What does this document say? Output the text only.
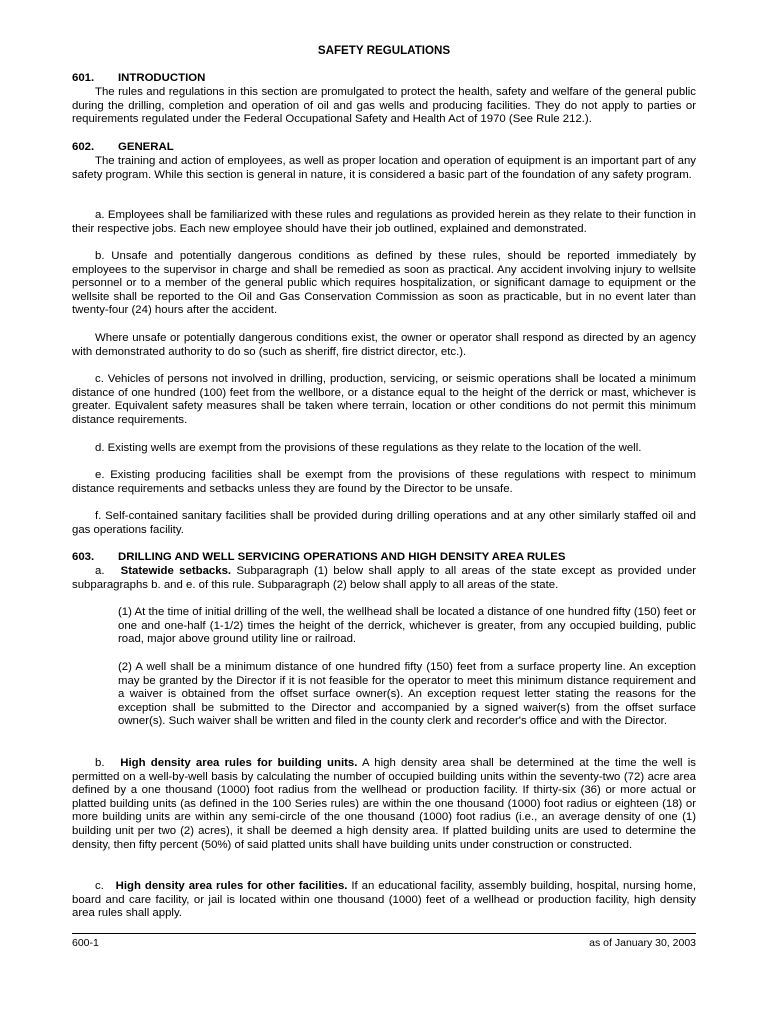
SAFETY REGULATIONS
601. INTRODUCTION
The rules and regulations in this section are promulgated to protect the health, safety and welfare of the general public during the drilling, completion and operation of oil and gas wells and producing facilities. They do not apply to parties or requirements regulated under the Federal Occupational Safety and Health Act of 1970 (See Rule 212.).
602. GENERAL
The training and action of employees, as well as proper location and operation of equipment is an important part of any safety program. While this section is general in nature, it is considered a basic part of the foundation of any safety program.
a. Employees shall be familiarized with these rules and regulations as provided herein as they relate to their function in their respective jobs. Each new employee should have their job outlined, explained and demonstrated.
b. Unsafe and potentially dangerous conditions as defined by these rules, should be reported immediately by employees to the supervisor in charge and shall be remedied as soon as practical. Any accident involving injury to wellsite personnel or to a member of the general public which requires hospitalization, or significant damage to equipment or the wellsite shall be reported to the Oil and Gas Conservation Commission as soon as practicable, but in no event later than twenty-four (24) hours after the accident.
Where unsafe or potentially dangerous conditions exist, the owner or operator shall respond as directed by an agency with demonstrated authority to do so (such as sheriff, fire district director, etc.).
c. Vehicles of persons not involved in drilling, production, servicing, or seismic operations shall be located a minimum distance of one hundred (100) feet from the wellbore, or a distance equal to the height of the derrick or mast, whichever is greater. Equivalent safety measures shall be taken where terrain, location or other conditions do not permit this minimum distance requirements.
d. Existing wells are exempt from the provisions of these regulations as they relate to the location of the well.
e. Existing producing facilities shall be exempt from the provisions of these regulations with respect to minimum distance requirements and setbacks unless they are found by the Director to be unsafe.
f. Self-contained sanitary facilities shall be provided during drilling operations and at any other similarly staffed oil and gas operations facility.
603. DRILLING AND WELL SERVICING OPERATIONS AND HIGH DENSITY AREA RULES
a. Statewide setbacks. Subparagraph (1) below shall apply to all areas of the state except as provided under subparagraphs b. and e. of this rule. Subparagraph (2) below shall apply to all areas of the state.
(1) At the time of initial drilling of the well, the wellhead shall be located a distance of one hundred fifty (150) feet or one and one-half (1-1/2) times the height of the derrick, whichever is greater, from any occupied building, public road, major above ground utility line or railroad.
(2) A well shall be a minimum distance of one hundred fifty (150) feet from a surface property line. An exception may be granted by the Director if it is not feasible for the operator to meet this minimum distance requirement and a waiver is obtained from the offset surface owner(s). An exception request letter stating the reasons for the exception shall be submitted to the Director and accompanied by a signed waiver(s) from the offset surface owner(s). Such waiver shall be written and filed in the county clerk and recorder's office and with the Director.
b. High density area rules for building units. A high density area shall be determined at the time the well is permitted on a well-by-well basis by calculating the number of occupied building units within the seventy-two (72) acre area defined by a one thousand (1000) foot radius from the wellhead or production facility. If thirty-six (36) or more actual or platted building units (as defined in the 100 Series rules) are within the one thousand (1000) foot radius or eighteen (18) or more building units are within any semi-circle of the one thousand (1000) foot radius (i.e., an average density of one (1) building unit per two (2) acres), it shall be deemed a high density area. If platted building units are used to determine the density, then fifty percent (50%) of said platted units shall have building units under construction or constructed.
c. High density area rules for other facilities. If an educational facility, assembly building, hospital, nursing home, board and care facility, or jail is located within one thousand (1000) feet of a wellhead or production facility, high density area rules shall apply.
600-1	as of January 30, 2003
